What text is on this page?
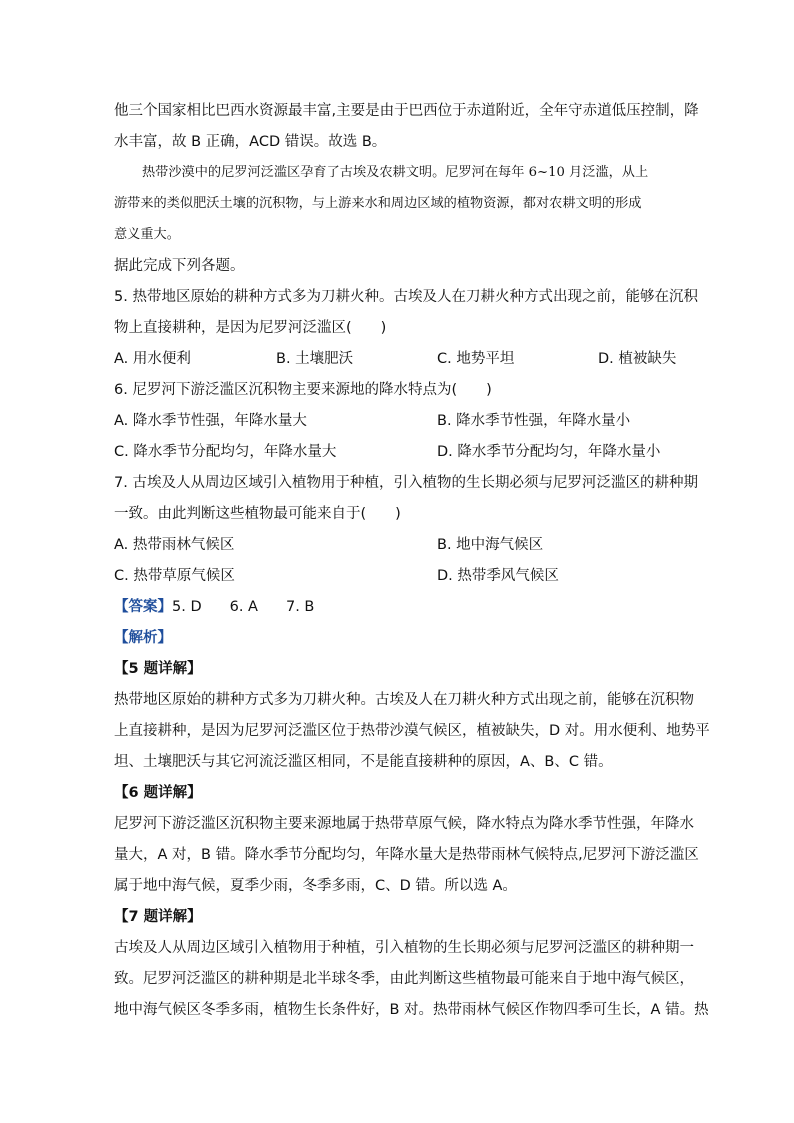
他三个国家相比巴西水资源最丰富,主要是由于巴西位于赤道附近，全年守赤道低压控制，降
水丰富，故 B 正确，ACD 错误。故选 B。
热带沙漠中的尼罗河泛滥区孕育了古埃及农耕文明。尼罗河在每年 6~10 月泛滥，从上
游带来的类似肥沃土壤的沉积物，与上游来水和周边区域的植物资源，都对农耕文明的形成
意义重大。
据此完成下列各题。
5. 热带地区原始的耕种方式多为刀耕火种。古埃及人在刀耕火种方式出现之前，能够在沉积
物上直接耕种，是因为尼罗河泛滥区(　　)
A. 用水便利	B. 土壤肥沃	C. 地势平坦	D. 植被缺失
6. 尼罗河下游泛滥区沉积物主要来源地的降水特点为(　　)
A. 降水季节性强，年降水量大	B. 降水季节性强，年降水量小
C. 降水季节分配均匀，年降水量大	D. 降水季节分配均匀，年降水量小
7. 古埃及人从周边区域引入植物用于种植，引入植物的生长期必须与尼罗河泛滥区的耕种期
一致。由此判断这些植物最可能来自于(　　)
A. 热带雨林气候区	B. 地中海气候区
C. 热带草原气候区	D. 热带季风气候区
【答案】5. D 6. A 7. B
【解析】
【5 题详解】
热带地区原始的耕种方式多为刀耕火种。古埃及人在刀耕火种方式出现之前，能够在沉积物
上直接耕种，是因为尼罗河泛滥区位于热带沙漠气候区，植被缺失，D 对。用水便利、地势平
坦、土壤肥沃与其它河流泛滥区相同，不是能直接耕种的原因，A、B、C 错。
【6 题详解】
尼罗河下游泛滥区沉积物主要来源地属于热带草原气候，降水特点为降水季节性强，年降水
量大，A 对，B 错。降水季节分配均匀，年降水量大是热带雨林气候特点,尼罗河下游泛滥区
属于地中海气候，夏季少雨，冬季多雨，C、D 错。所以选 A。
【7 题详解】
古埃及人从周边区域引入植物用于种植，引入植物的生长期必须与尼罗河泛滥区的耕种期一
致。尼罗河泛滥区的耕种期是北半球冬季，由此判断这些植物最可能来自于地中海气候区，
地中海气候区冬季多雨，植物生长条件好，B 对。热带雨林气候区作物四季可生长，A 错。热
